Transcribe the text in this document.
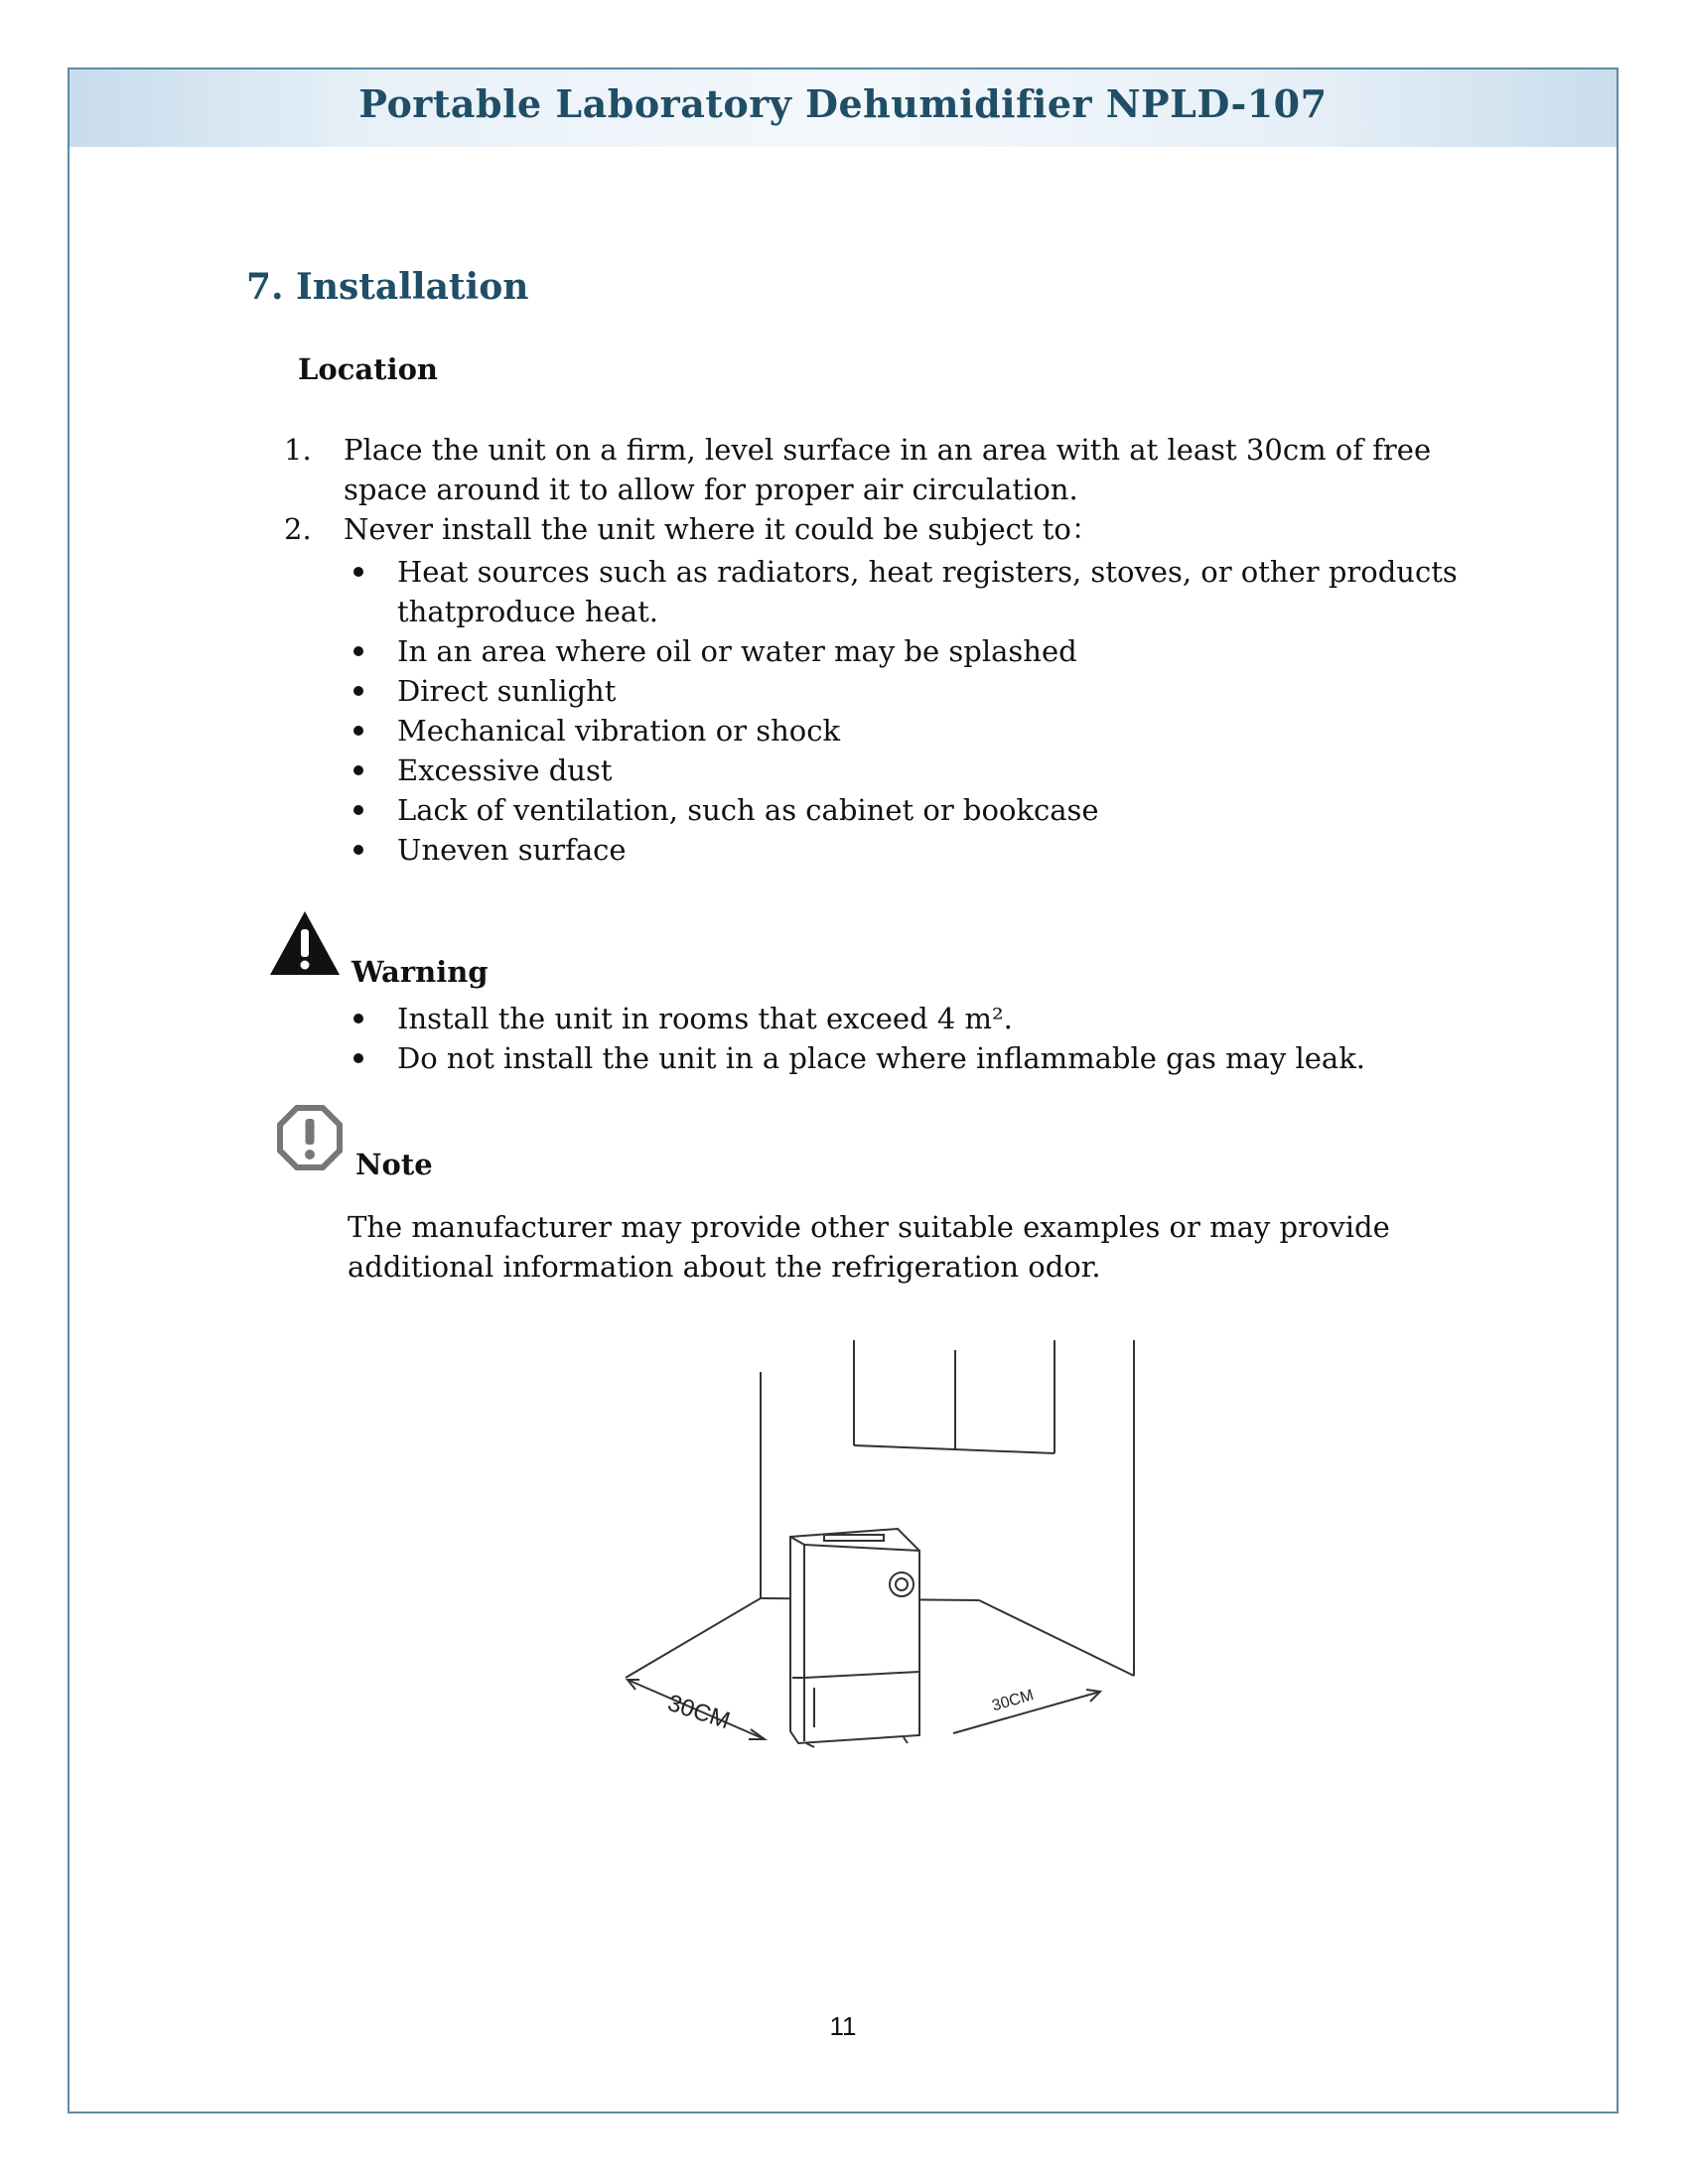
Portable Laboratory Dehumidifier NPLD-107
7. Installation
Location
1. Place the unit on a firm, level surface in an area with at least 30cm of free space around it to allow for proper air circulation.
2. Never install the unit where it could be subject to：
Heat sources such as radiators, heat registers, stoves, or other products thatproduce heat.
In an area where oil or water may be splashed
Direct sunlight
Mechanical vibration or shock
Excessive dust
Lack of ventilation, such as cabinet or bookcase
Uneven surface
Warning
Install the unit in rooms that exceed 4 m².
Do not install the unit in a place where inflammable gas may leak.
Note
The manufacturer may provide other suitable examples or may provide additional information about the refrigeration odor.
30CM	30CM
11
